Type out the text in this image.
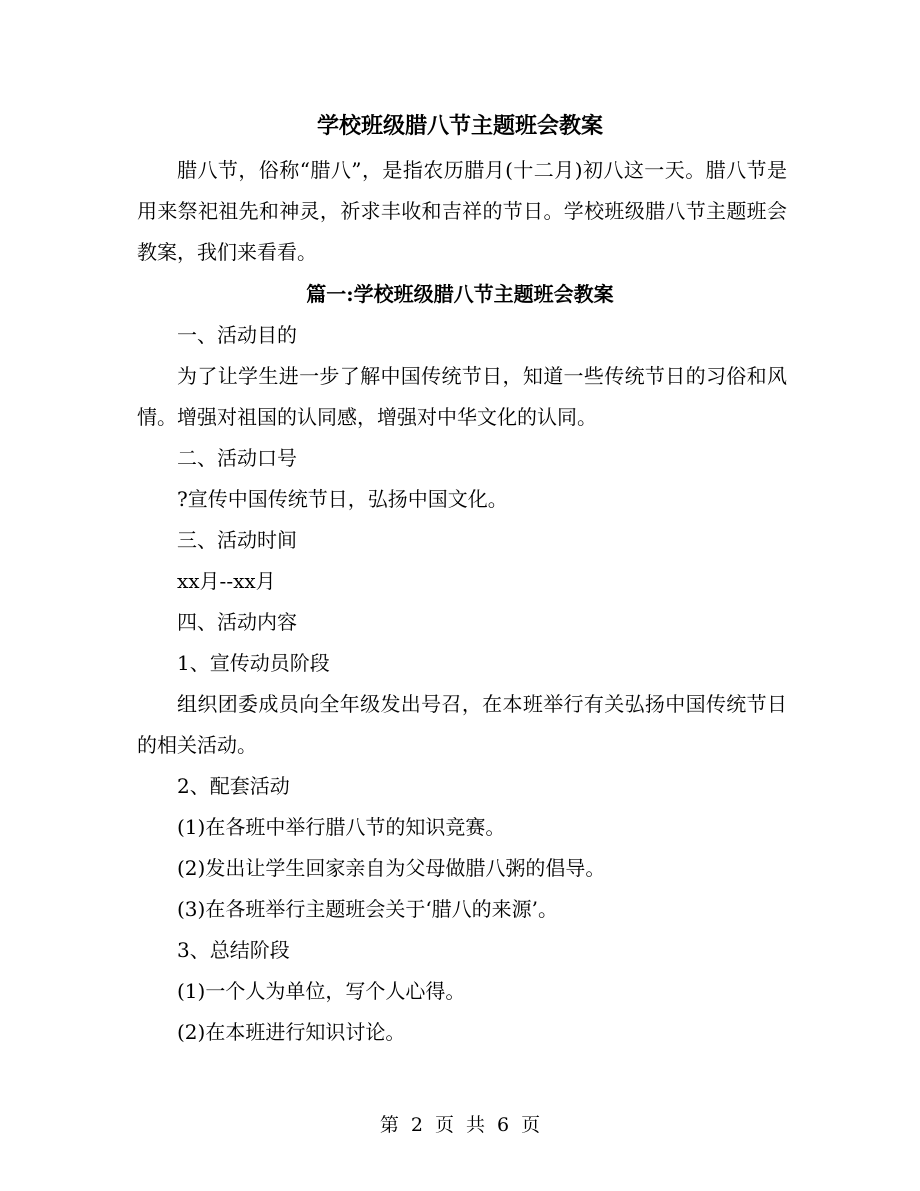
学校班级腊八节主题班会教案

腊八节，俗称“腊八”，是指农历腊月(十二月)初八这一天。腊八节是用来祭祀祖先和神灵，祈求丰收和吉祥的节日。学校班级腊八节主题班会教案，我们来看看。

篇一:学校班级腊八节主题班会教案

一、活动目的

为了让学生进一步了解中国传统节日，知道一些传统节日的习俗和风情。增强对祖国的认同感，增强对中华文化的认同。

二、活动口号

?宣传中国传统节日，弘扬中国文化。

三、活动时间

xx月--xx月

四、活动内容

1、宣传动员阶段

组织团委成员向全年级发出号召，在本班举行有关弘扬中国传统节日的相关活动。

2、配套活动

(1)在各班中举行腊八节的知识竞赛。

(2)发出让学生回家亲自为父母做腊八粥的倡导。

(3)在各班举行主题班会关于‘腊八的来源’。

3、总结阶段

(1)一个人为单位，写个人心得。

(2)在本班进行知识讨论。

第 2 页 共 6 页
